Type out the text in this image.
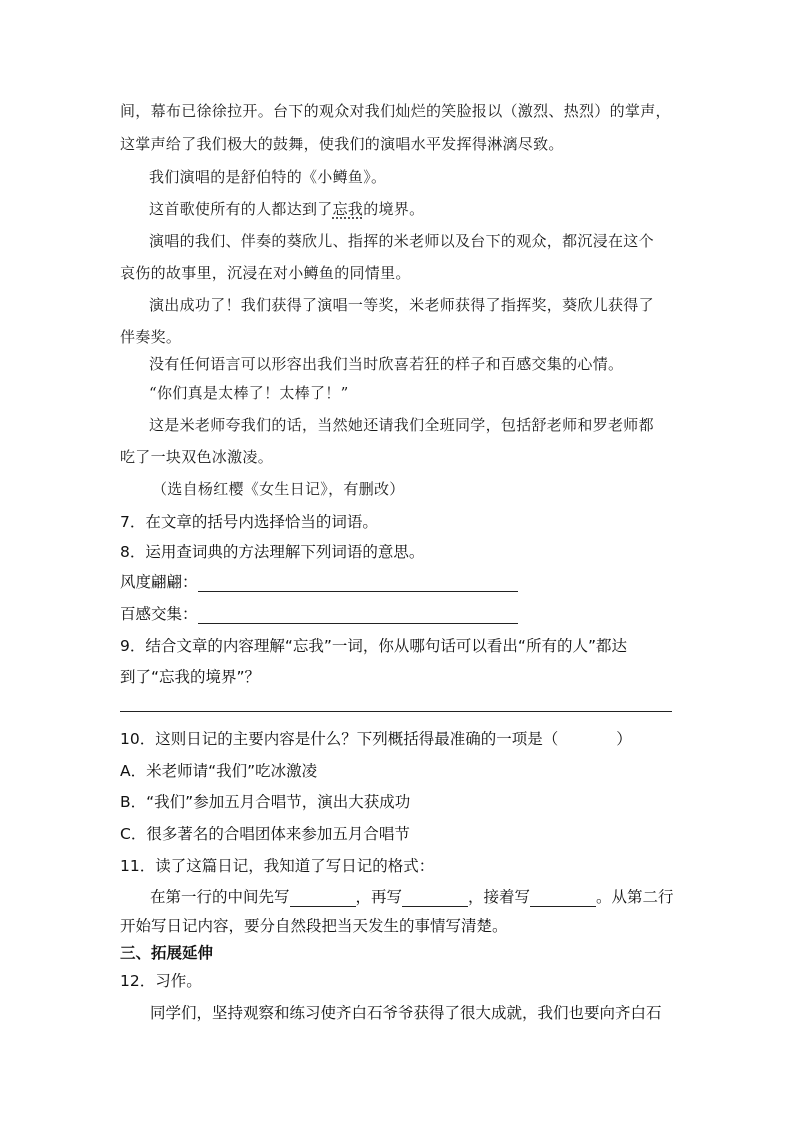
间，幕布已徐徐拉开。台下的观众对我们灿烂的笑脸报以（激烈、热烈）的掌声，
这掌声给了我们极大的鼓舞，使我们的演唱水平发挥得淋漓尽致。
我们演唱的是舒伯特的《小鳟鱼》。
这首歌使所有的人都达到了忘我的境界。
演唱的我们、伴奏的葵欣儿、指挥的米老师以及台下的观众，都沉浸在这个
哀伤的故事里，沉浸在对小鳟鱼的同情里。
演出成功了！我们获得了演唱一等奖，米老师获得了指挥奖，葵欣儿获得了
伴奏奖。
没有任何语言可以形容出我们当时欣喜若狂的样子和百感交集的心情。
“你们真是太棒了！太棒了！”
这是米老师夸我们的话，当然她还请我们全班同学，包括舒老师和罗老师都
吃了一块双色冰激凌。
（选自杨红樱《女生日记》，有删改）
7．在文章的括号内选择恰当的词语。
8．运用查词典的方法理解下列词语的意思。
风度翩翩：
百感交集：
9．结合文章的内容理解“忘我”一词，你从哪句话可以看出“所有的人”都达
到了“忘我的境界”？
10．这则日记的主要内容是什么？下列概括得最准确的一项是（	）
A．米老师请“我们”吃冰激凌
B．“我们”参加五月合唱节，演出大获成功
C．很多著名的合唱团体来参加五月合唱节
11．读了这篇日记，我知道了写日记的格式：
在第一行的中间先写	，再写	，接着写	。从第二行
开始写日记内容，要分自然段把当天发生的事情写清楚。
三、拓展延伸
12．习作。
同学们，坚持观察和练习使齐白石爷爷获得了很大成就，我们也要向齐白石
